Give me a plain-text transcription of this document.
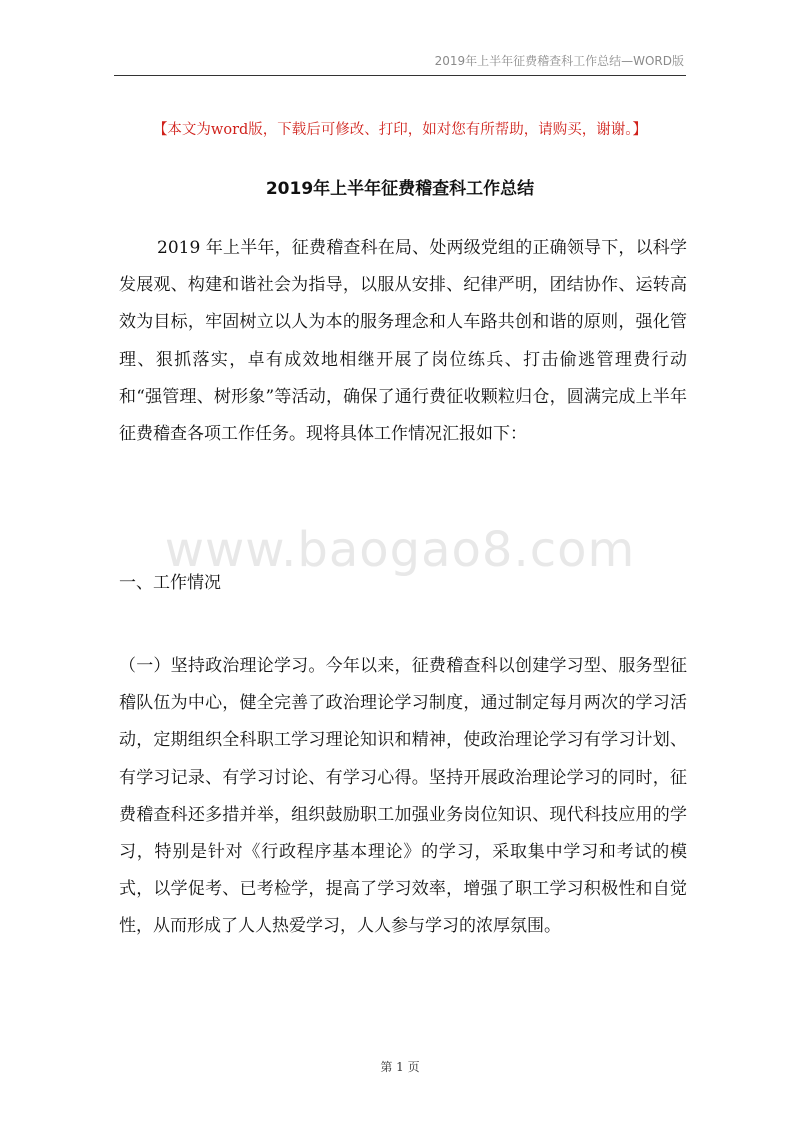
2019年上半年征费稽查科工作总结—WORD版
【本文为word版，下载后可修改、打印，如对您有所帮助，请购买，谢谢。】
2019年上半年征费稽查科工作总结

2019 年上半年，征费稽查科在局、处两级党组的正确领导下，以科学发展观、构建和谐社会为指导，以服从安排、纪律严明，团结协作、运转高效为目标，牢固树立以人为本的服务理念和人车路共创和谐的原则，强化管理、狠抓落实，卓有成效地相继开展了岗位练兵、打击偷逃管理费行动和“强管理、树形象”等活动，确保了通行费征收颗粒归仓，圆满完成上半年征费稽查各项工作任务。现将具体工作情况汇报如下：

www.baogao8.com
一、工作情况

（一）坚持政治理论学习。今年以来，征费稽查科以创建学习型、服务型征稽队伍为中心，健全完善了政治理论学习制度，通过制定每月两次的学习活动，定期组织全科职工学习理论知识和精神，使政治理论学习有学习计划、有学习记录、有学习讨论、有学习心得。坚持开展政治理论学习的同时，征费稽查科还多措并举，组织鼓励职工加强业务岗位知识、现代科技应用的学习，特别是针对《行政程序基本理论》的学习，采取集中学习和考试的模式，以学促考、已考检学，提高了学习效率，增强了职工学习积极性和自觉性，从而形成了人人热爱学习，人人参与学习的浓厚氛围。

第 1 页
